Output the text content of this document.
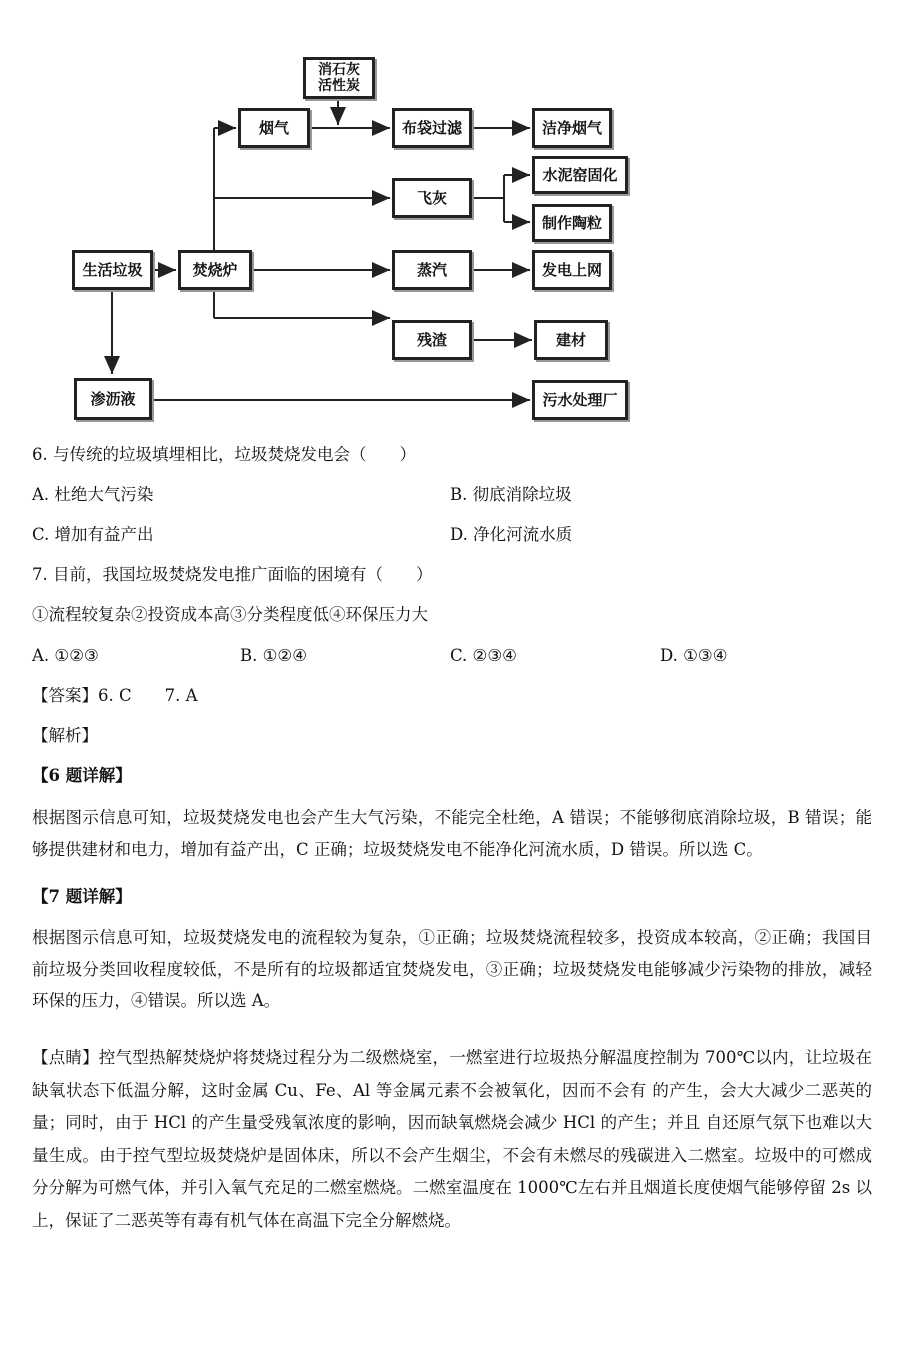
消石灰
活性炭
烟气	布袋过滤	洁净烟气
飞灰
水泥窑固化
制作陶粒
生活垃圾	焚烧炉	蒸汽	发电上网
残渣	建材
渗沥液	污水处理厂
6. 与传统的垃圾填埋相比，垃圾焚烧发电会（　　）
A. 杜绝大气污染	B. 彻底消除垃圾
C. 增加有益产出	D. 净化河流水质
7. 目前，我国垃圾焚烧发电推广面临的困境有（　　）
①流程较复杂②投资成本高③分类程度低④环保压力大
A. ①②③	B. ①②④	C. ②③④	D. ①③④
【答案】6. C　　7. A
【解析】
【6 题详解】
根据图示信息可知，垃圾焚烧发电也会产生大气污染，不能完全杜绝，A 错误；不能够彻底消除垃圾，B 错误；能够提供建材和电力，增加有益产出，C 正确；垃圾焚烧发电不能净化河流水质，D 错误。所以选 C。
【7 题详解】
根据图示信息可知，垃圾焚烧发电的流程较为复杂，①正确；垃圾焚烧流程较多，投资成本较高，②正确；我国目前垃圾分类回收程度较低，不是所有的垃圾都适宜焚烧发电，③正确；垃圾焚烧发电能够减少污染物的排放，减轻环保的压力，④错误。所以选 A。
【点睛】控气型热解焚烧炉将焚烧过程分为二级燃烧室，一燃室进行垃圾热分解温度控制为 700℃以内，让垃圾在缺氧状态下低温分解，这时金属 Cu、Fe、Al 等金属元素不会被氧化，因而不会有 的产生，会大大减少二恶英的量；同时，由于 HCl 的产生量受残氧浓度的影响，因而缺氧燃烧会减少 HCl 的产生；并且 自还原气氛下也难以大量生成。由于控气型垃圾焚烧炉是固体床，所以不会产生烟尘，不会有未燃尽的残碳进入二燃室。垃圾中的可燃成分分解为可燃气体，并引入氧气充足的二燃室燃烧。二燃室温度在 1000℃左右并且烟道长度使烟气能够停留 2s 以上，保证了二恶英等有毒有机气体在高温下完全分解燃烧。
